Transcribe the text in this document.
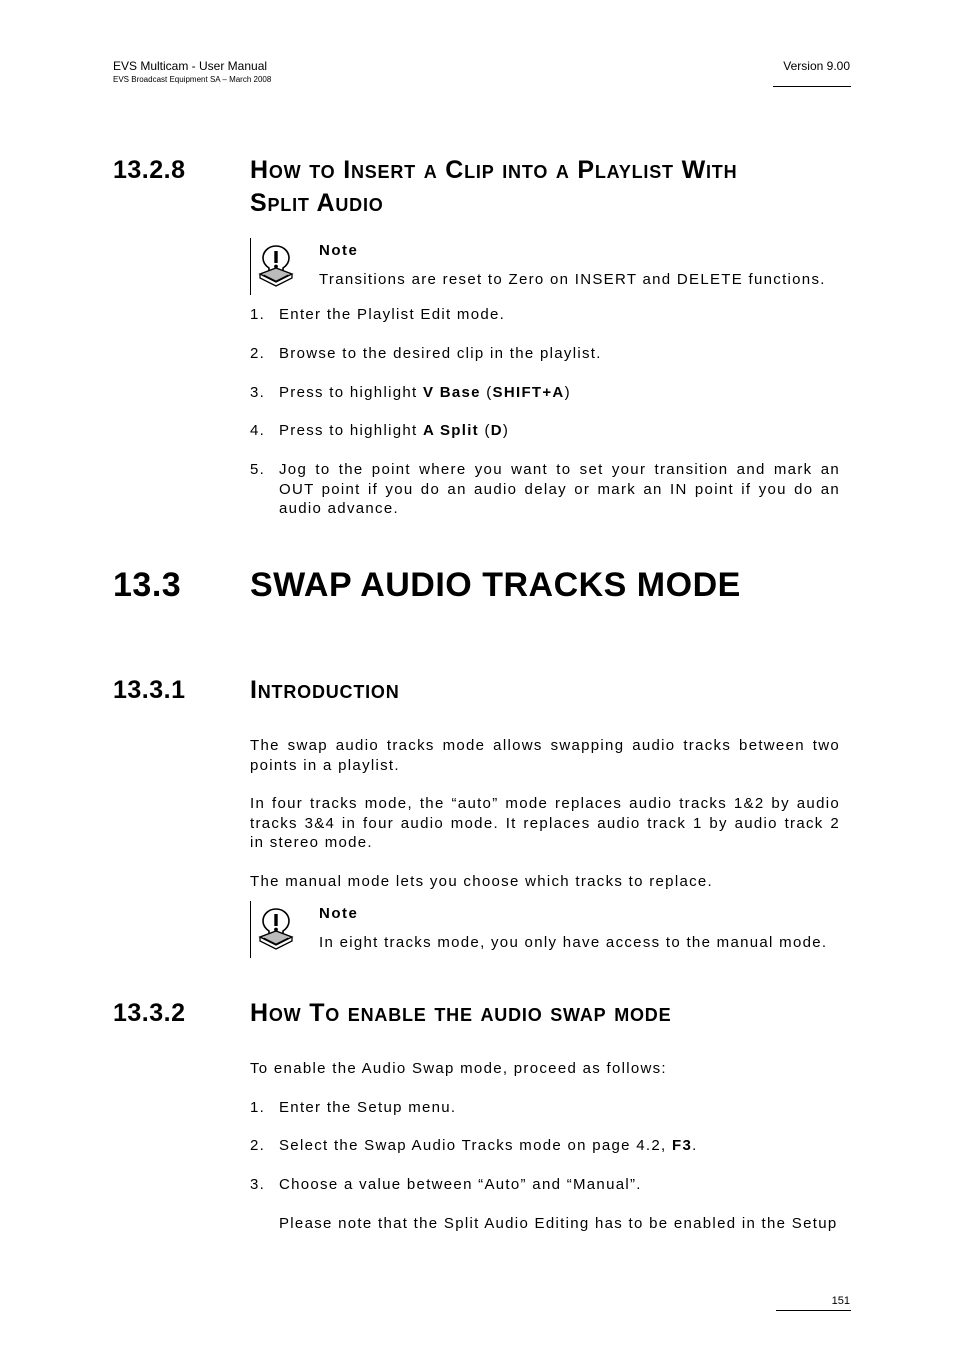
EVS Multicam - User Manual
EVS Broadcast Equipment SA – March 2008
Version 9.00
13.2.8	How to Insert a Clip into a Playlist With
Split Audio
Note
Transitions are reset to Zero on INSERT and DELETE functions.
1. Enter the Playlist Edit mode.
2. Browse to the desired clip in the playlist.
3. Press to highlight V Base (SHIFT+A)
4. Press to highlight A Split (D)
5. Jog to the point where you want to set your transition and mark an OUT point if you do an audio delay or mark an IN point if you do an audio advance.
13.3 SWAP AUDIO TRACKS MODE
13.3.1	Introduction
The swap audio tracks mode allows swapping audio tracks between two points in a playlist.
In four tracks mode, the “auto” mode replaces audio tracks 1&2 by audio tracks 3&4 in four audio mode. It replaces audio track 1 by audio track 2 in stereo mode.
The manual mode lets you choose which tracks to replace.
Note
In eight tracks mode, you only have access to the manual mode.
13.3.2	How To enable the audio swap mode
To enable the Audio Swap mode, proceed as follows:
1. Enter the Setup menu.
2. Select the Swap Audio Tracks mode on page 4.2, F3.
3. Choose a value between “Auto” and “Manual”.
Please note that the Split Audio Editing has to be enabled in the Setup
151
